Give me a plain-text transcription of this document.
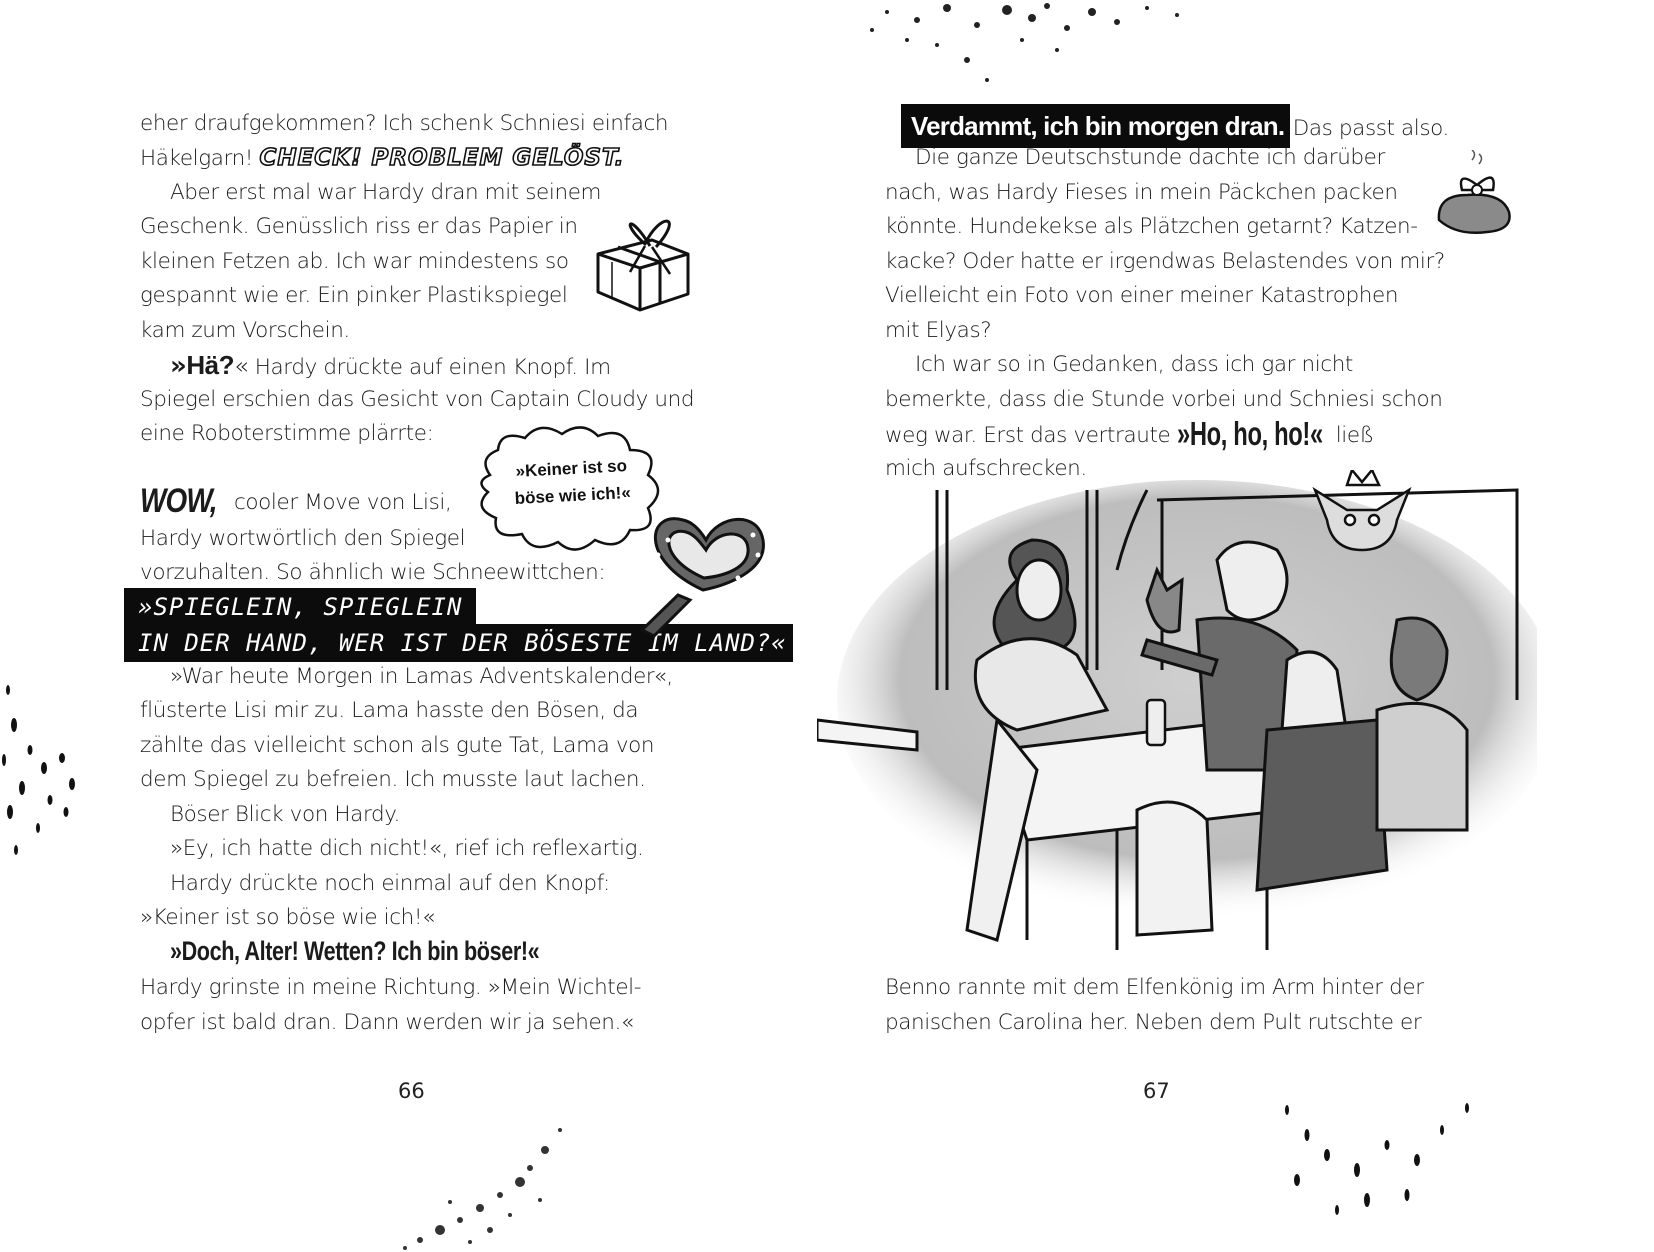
eher draufgekommen? Ich schenk Schniesi einfach
Häkelgarn! CHECK! PROBLEM GELÖST.
Aber erst mal war Hardy dran mit seinem
Geschenk. Genüsslich riss er das Papier in
kleinen Fetzen ab. Ich war mindestens so
gespannt wie er. Ein pinker Plastikspiegel
kam zum Vorschein.
»Hä?« Hardy drückte auf einen Knopf. Im
Spiegel erschien das Gesicht von Captain Cloudy und
eine Roboterstimme plärrte:
WOW, cooler Move von Lisi,
Hardy wortwörtlich den Spiegel
vorzuhalten. So ähnlich wie Schneewittchen:
»SPIEGLEIN, SPIEGLEIN
IN DER HAND, WER IST DER BÖSESTE IM LAND?«
»War heute Morgen in Lamas Adventskalender«,
flüsterte Lisi mir zu. Lama hasste den Bösen, da
zählte das vielleicht schon als gute Tat, Lama von
dem Spiegel zu befreien. Ich musste laut lachen.
Böser Blick von Hardy.
»Ey, ich hatte dich nicht!«, rief ich reflexartig.
Hardy drückte noch einmal auf den Knopf:
»Keiner ist so böse wie ich!«
»Doch, Alter! Wetten? Ich bin böser!«
Hardy grinste in meine Richtung. »Mein Wichtel-
opfer ist bald dran. Dann werden wir ja sehen.«
66
»Keiner ist so
böse wie ich!«
Verdammt, ich bin morgen dran. Das passt also.
Die ganze Deutschstunde dachte ich darüber
nach, was Hardy Fieses in mein Päckchen packen
könnte. Hundekekse als Plätzchen getarnt? Katzen-
kacke? Oder hatte er irgendwas Belastendes von mir?
Vielleicht ein Foto von einer meiner Katastrophen
mit Elyas?
Ich war so in Gedanken, dass ich gar nicht
bemerkte, dass die Stunde vorbei und Schniesi schon
weg war. Erst das vertraute »Ho, ho, ho!« ließ
mich aufschrecken.
Benno rannte mit dem Elfenkönig im Arm hinter der
panischen Carolina her. Neben dem Pult rutschte er
67
